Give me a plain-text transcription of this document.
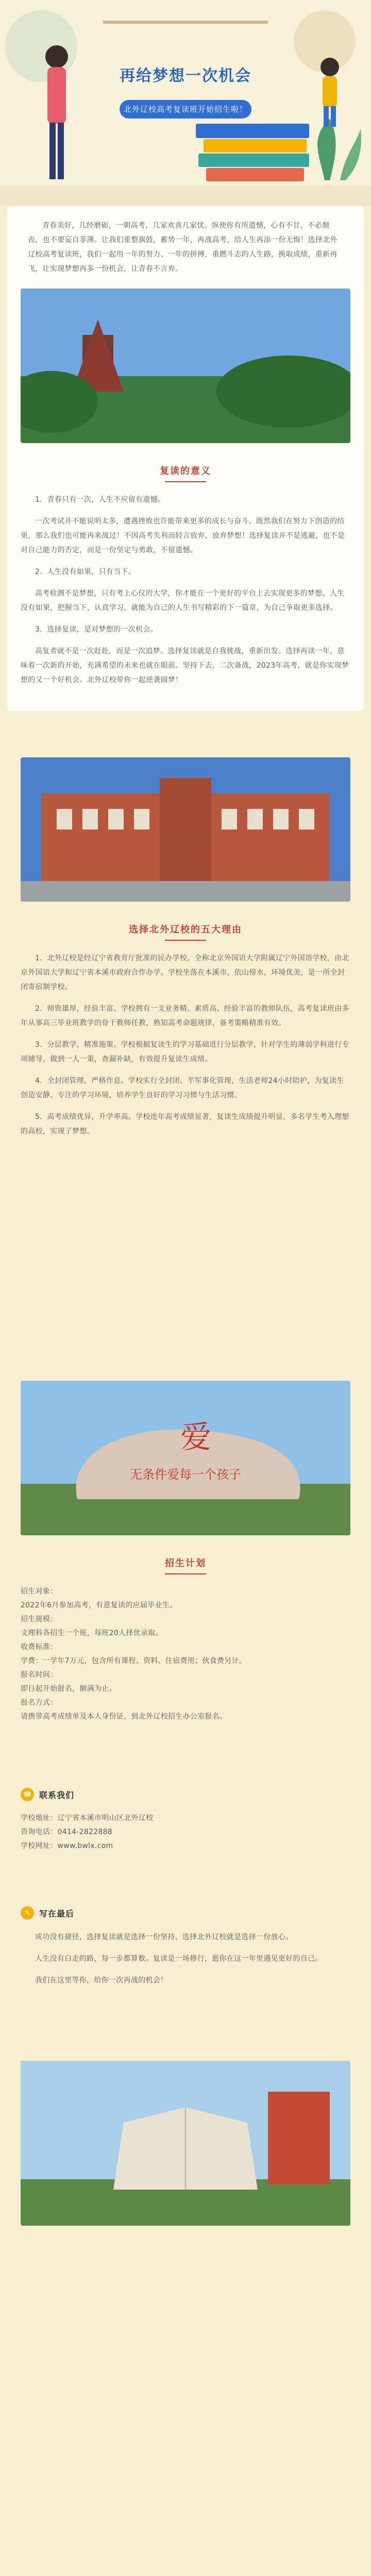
再给梦想一次机会
北外辽校高考复读班开始招生啦！

青春美好，几经磨砺，一朝高考，几家欢喜几家忧。纵使你有所遗憾，心有不甘，不必颓丧，也不要妄自菲薄。让我们重整旗鼓，蓄势一年，再战高考，给人生再添一份无悔！选择北外辽校高考复读班，我们一起用一年的努力、一年的拼搏，重燃斗志的人生路，换取成绩，重新再飞，让实现梦想再多一份机会，让青春不言弃。

复读的意义

1．青春只有一次，人生不应留有遗憾。

一次考试并不能说明太多，遭遇挫败也许能带来更多的成长与奋斗。既然我们在努力下创造的结果，那么我们也可能再来战过！不因高考失利而轻言放弃，放弃梦想！选择复读并不是逃避，也不是对自己能力的否定，而是一份坚定与勇敢，不留遗憾。

2．人生没有如果，只有当下。

高考检测不是梦想，只有考上心仪的大学，你才能在一个更好的平台上去实现更多的梦想。人生没有如果，把握当下，认真学习，就能为自己的人生书写精彩的下一篇章，为自己争取更多选择。

3．选择复读，是对梦想的一次机会。

高复者就不是一次赶赴，而是一次追梦。选择复读就是自我挑战，重新出发。选择再读一年，意味着一次新的开始，充满希望的未来也就在眼前。坚持下去，二次备战，2023年高考，就是你实现梦想的又一个好机会。北外辽校带你一起逆袭圆梦！

选择北外辽校的五大理由

1．北外辽校是经辽宁省教育厅批准的民办学校，全称北京外国语大学附属辽宁外国语学校，由北京外国语大学和辽宁省本溪市政府合作办学。学校坐落在本溪市，依山傍水，环境优美，是一所全封闭寄宿制学校。

2．师资雄厚，经验丰富。学校拥有一支业务精、素质高、经验丰富的教师队伍，高考复读班由多年从事高三毕业班教学的骨干教师任教，熟知高考命题规律，备考策略精准有效。

3．分层教学，精准施策。学校根据复读生的学习基础进行分层教学，针对学生的薄弱学科进行专项辅导，做到一人一策，查漏补缺，有效提升复读生成绩。

4．全封闭管理，严格作息。学校实行全封闭、半军事化管理，生活老师24小时陪护，为复读生创造安静、专注的学习环境，培养学生良好的学习习惯与生活习惯。

5．高考成绩优异，升学率高。学校连年高考成绩显著，复读生成绩提升明显，多名学生考入理想的高校，实现了梦想。

爱
无条件爱每一个孩子
招生计划

招生对象：

2022年6月参加高考，有意复读的应届毕业生。

招生规模：

文理科各招生一个班，每班20人择优录取。

收费标准：

学费：一学年7万元，包含所有课程、资料、住宿费用；伙食费另计。

报名时间：

即日起开始报名，额满为止。

报名方式：

请携带高考成绩单及本人身份证，到北外辽校招生办公室报名。

☎ 联系我们

学校地址：辽宁省本溪市明山区北外辽校

咨询电话：0414-2822888

学校网址：www.bwlx.com

✎	写在最后

成功没有捷径，选择复读就是选择一份坚持，选择北外辽校就是选择一份放心。

人生没有白走的路，每一步都算数。复读是一场修行，愿你在这一年里遇见更好的自己。

我们在这里等你，给你一次再战的机会！
